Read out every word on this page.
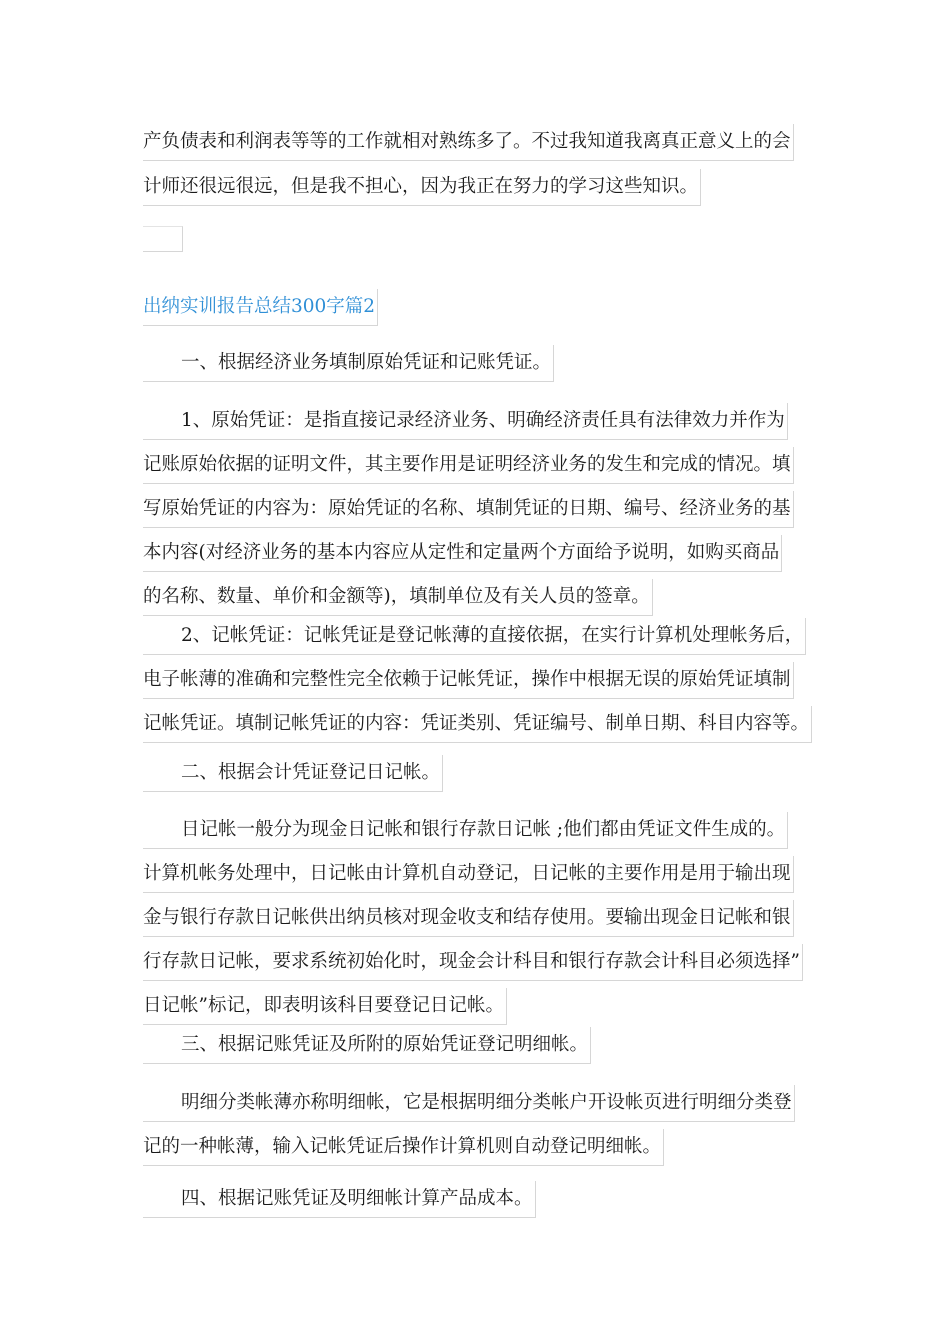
产负债表和利润表等等的工作就相对熟练多了。不过我知道我离真正意义上的会
计师还很远很远，但是我不担心，因为我正在努力的学习这些知识。
出纳实训报告总结300字篇2
一、根据经济业务填制原始凭证和记账凭证。
1、原始凭证：是指直接记录经济业务、明确经济责任具有法律效力并作为
记账原始依据的证明文件，其主要作用是证明经济业务的发生和完成的情况。填
写原始凭证的内容为：原始凭证的名称、填制凭证的日期、编号、经济业务的基
本内容(对经济业务的基本内容应从定性和定量两个方面给予说明，如购买商品
的名称、数量、单价和金额等)，填制单位及有关人员的签章。
2、记帐凭证：记帐凭证是登记帐薄的直接依据，在实行计算机处理帐务后，
电子帐薄的准确和完整性完全依赖于记帐凭证，操作中根据无误的原始凭证填制
记帐凭证。填制记帐凭证的内容：凭证类别、凭证编号、制单日期、科目内容等。
二、根据会计凭证登记日记帐。
日记帐一般分为现金日记帐和银行存款日记帐 ;他们都由凭证文件生成的。
计算机帐务处理中，日记帐由计算机自动登记，日记帐的主要作用是用于输出现
金与银行存款日记帐供出纳员核对现金收支和结存使用。要输出现金日记帐和银
行存款日记帐，要求系统初始化时，现金会计科目和银行存款会计科目必须选择”
日记帐”标记，即表明该科目要登记日记帐。
三、根据记账凭证及所附的原始凭证登记明细帐。
明细分类帐薄亦称明细帐，它是根据明细分类帐户开设帐页进行明细分类登
记的一种帐薄，输入记帐凭证后操作计算机则自动登记明细帐。
四、根据记账凭证及明细帐计算产品成本。
